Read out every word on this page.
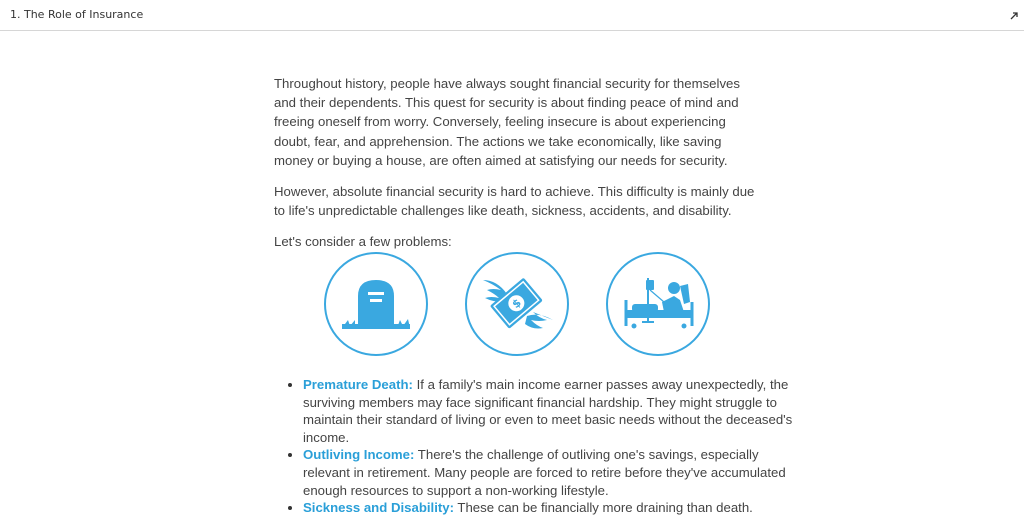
1. The Role of Insurance

Throughout history, people have always sought financial security for themselves and their dependents. This quest for security is about finding peace of mind and freeing oneself from worry. Conversely, feeling insecure is about experiencing doubt, fear, and apprehension. The actions we take economically, like saving money or buying a house, are often aimed at satisfying our needs for security.

However, absolute financial security is hard to achieve. This difficulty is mainly due to life's unpredictable challenges like death, sickness, accidents, and disability.

Let's consider a few problems:

$
• Premature Death: If a family's main income earner passes away unexpectedly, the surviving members may face significant financial hardship. They might struggle to maintain their standard of living or even to meet basic needs without the deceased's income.
• Outliving Income: There's the challenge of outliving one's savings, especially relevant in retirement. Many people are forced to retire before they've accumulated enough resources to support a non-working lifestyle.
• Sickness and Disability: These can be financially more draining than death.
